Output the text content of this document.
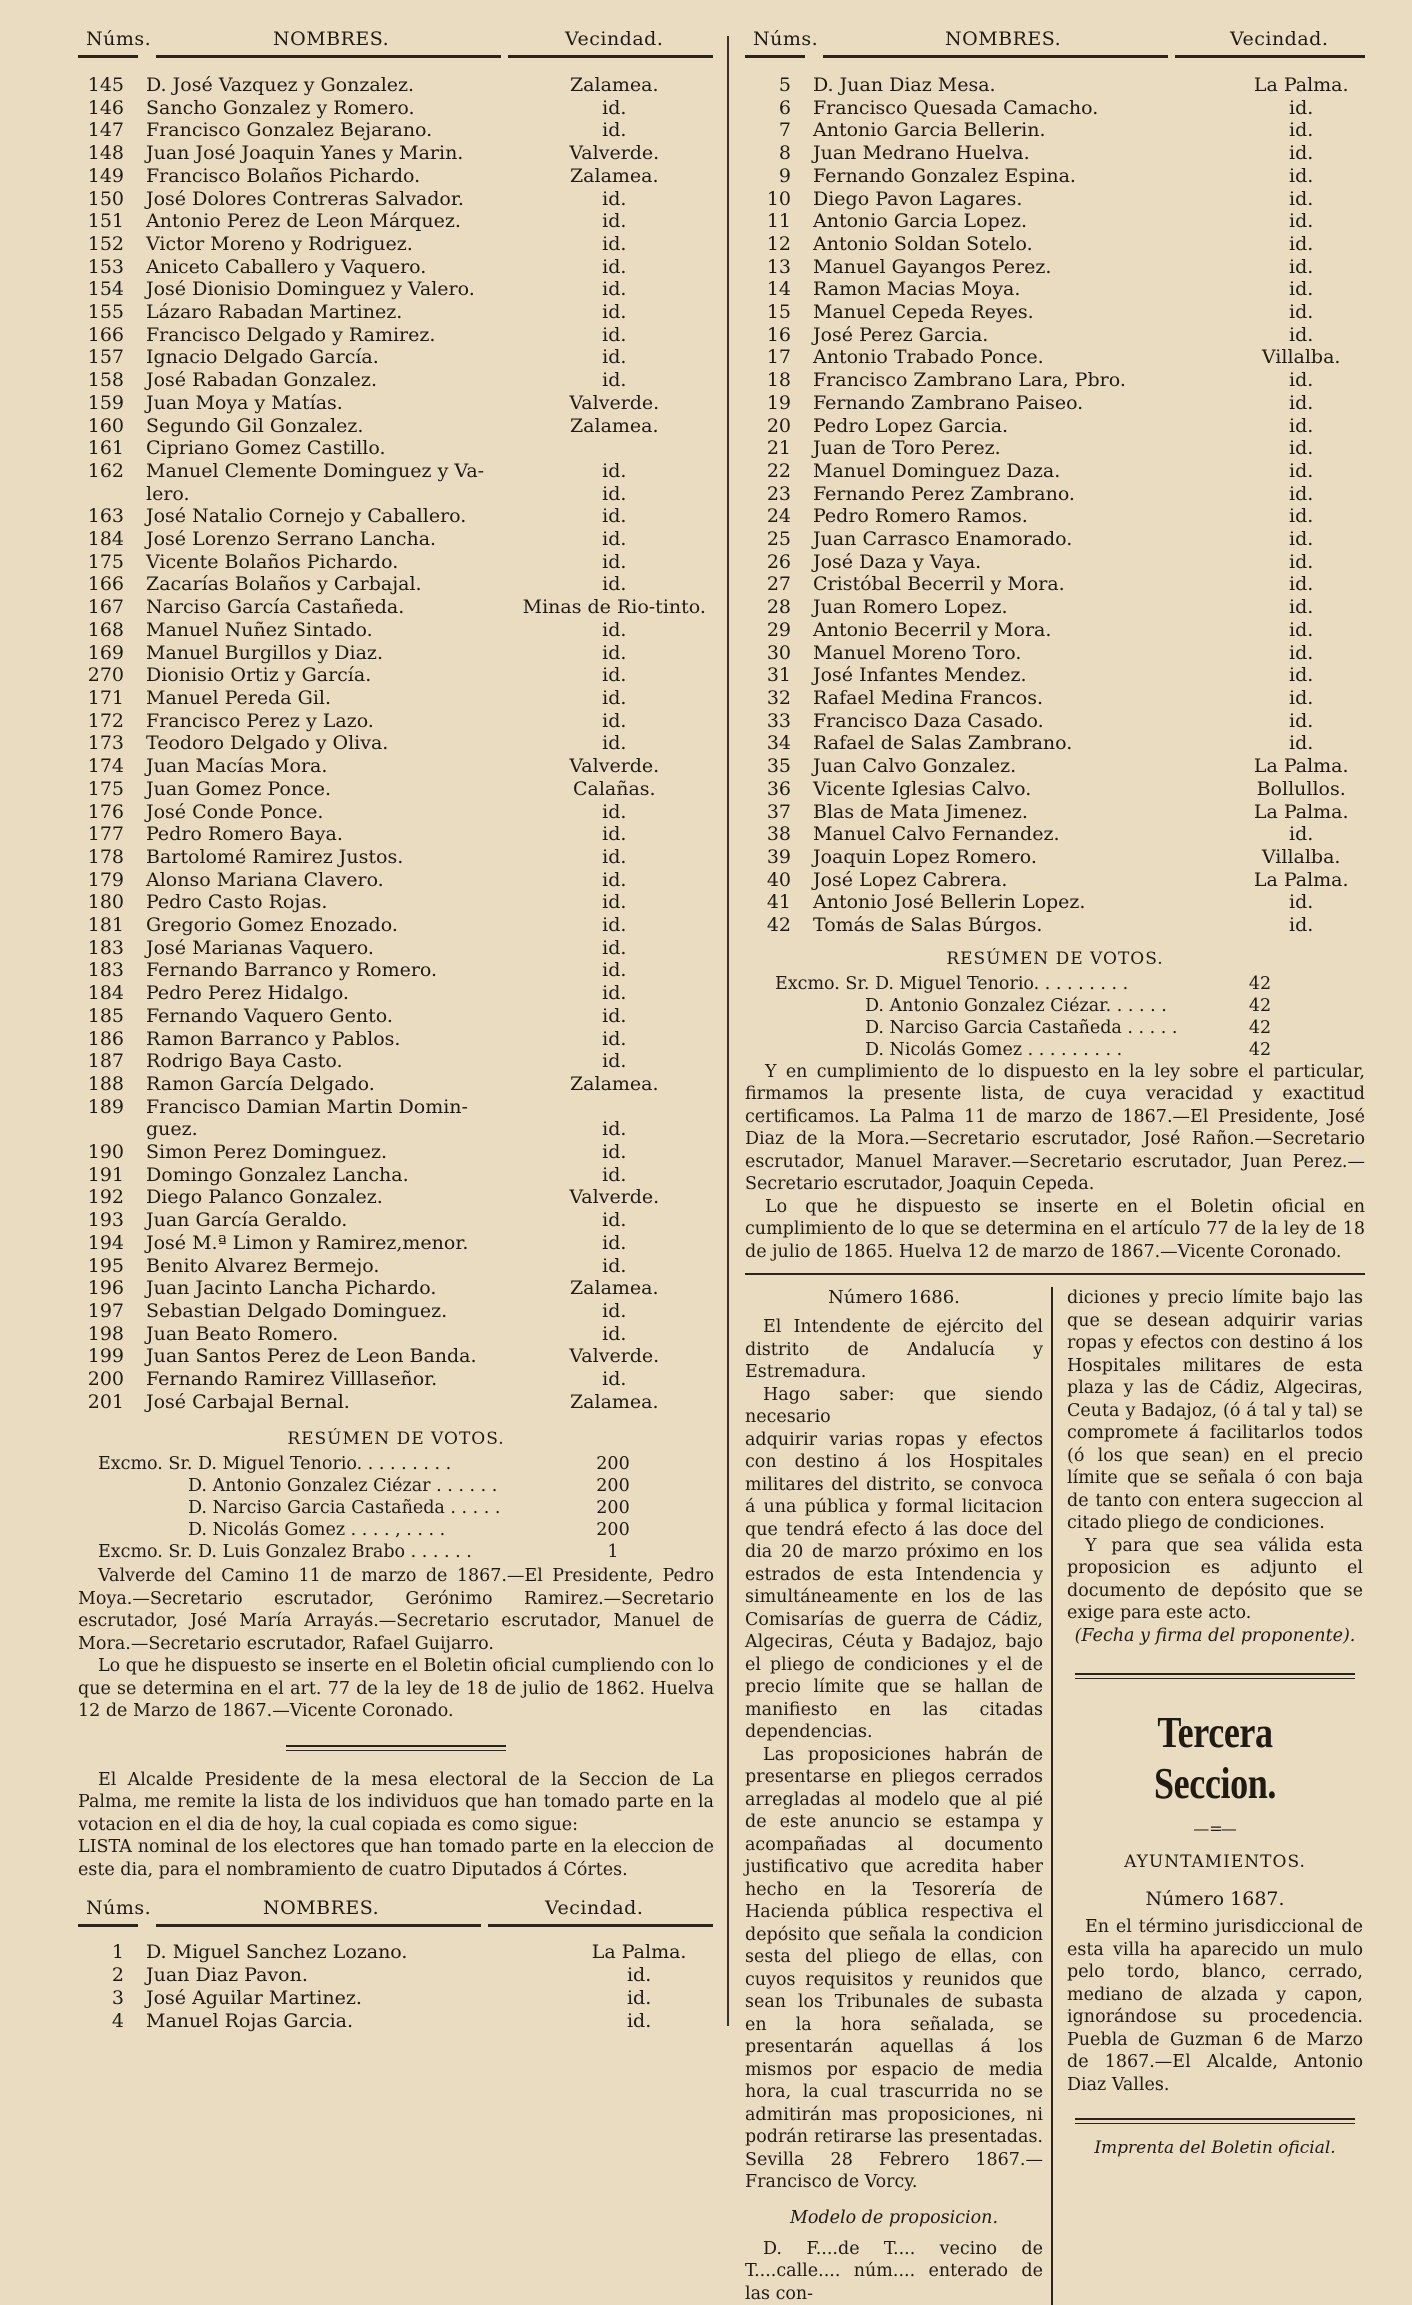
Núms.	NOMBRES.	Vecindad.
145	D. José Vazquez y Gonzalez.	Zalamea.
146	Sancho Gonzalez y Romero.	id.
147	Francisco Gonzalez Bejarano.	id.
148	Juan José Joaquin Yanes y Marin.	Valverde.
149	Francisco Bolaños Pichardo.	Zalamea.
150	José Dolores Contreras Salvador.	id.
151	Antonio Perez de Leon Márquez.	id.
152	Victor Moreno y Rodriguez.	id.
153	Aniceto Caballero y Vaquero.	id.
154	José Dionisio Dominguez y Valero.	id.
155	Lázaro Rabadan Martinez.	id.
166	Francisco Delgado y Ramirez.	id.
157	Ignacio Delgado García.	id.
158	José Rabadan Gonzalez.	id.
159	Juan Moya y Matías.	Valverde.
160	Segundo Gil Gonzalez.	Zalamea.
161	Cipriano Gomez Castillo.	
162	Manuel Clemente Dominguez y Va-	id.
	lero.	id.
163	José Natalio Cornejo y Caballero.	id.
184	José Lorenzo Serrano Lancha.	id.
175	Vicente Bolaños Pichardo.	id.
166	Zacarías Bolaños y Carbajal.	id.
167	Narciso García Castañeda.	Minas de Rio-tinto.
168	Manuel Nuñez Sintado.	id.
169	Manuel Burgillos y Diaz.	id.
270	Dionisio Ortiz y García.	id.
171	Manuel Pereda Gil.	id.
172	Francisco Perez y Lazo.	id.
173	Teodoro Delgado y Oliva.	id.
174	Juan Macías Mora.	Valverde.
175	Juan Gomez Ponce.	Calañas.
176	José Conde Ponce.	id.
177	Pedro Romero Baya.	id.
178	Bartolomé Ramirez Justos.	id.
179	Alonso Mariana Clavero.	id.
180	Pedro Casto Rojas.	id.
181	Gregorio Gomez Enozado.	id.
183	José Marianas Vaquero.	id.
183	Fernando Barranco y Romero.	id.
184	Pedro Perez Hidalgo.	id.
185	Fernando Vaquero Gento.	id.
186	Ramon Barranco y Pablos.	id.
187	Rodrigo Baya Casto.	id.
188	Ramon García Delgado.	Zalamea.
189	Francisco Damian Martin Domin-	
	guez.	id.
190	Simon Perez Dominguez.	id.
191	Domingo Gonzalez Lancha.	id.
192	Diego Palanco Gonzalez.	Valverde.
193	Juan García Geraldo.	id.
194	José M.ª Limon y Ramirez,menor.	id.
195	Benito Alvarez Bermejo.	id.
196	Juan Jacinto Lancha Pichardo.	Zalamea.
197	Sebastian Delgado Dominguez.	id.
198	Juan Beato Romero.	id.
199	Juan Santos Perez de Leon Banda.	Valverde.
200	Fernando Ramirez Villlaseñor.	id.
201	José Carbajal Bernal.	Zalamea.
RESÚMEN DE VOTOS.
Excmo. Sr. D. Miguel Tenorio. . . . . . . . .	200
D. Antonio Gonzalez Ciézar . . . . . .	200
D. Narciso Garcia Castañeda . . . . .	200
D. Nicolás Gomez . . . . , . . . .	200
Excmo. Sr. D. Luis Gonzalez Brabo . . . . . .	1
Valverde del Camino 11 de marzo de 1867.—El Presidente, Pedro Moya.—Secretario escrutador, Gerónimo Ramirez.—Secretario escrutador, José María Arrayás.—Secretario escrutador, Manuel de Mora.—Secretario escrutador, Rafael Guijarro.
Lo que he dispuesto se inserte en el Boletin oficial cumpliendo con lo que se determina en el art. 77 de la ley de 18 de julio de 1862. Huelva 12 de Marzo de 1867.—Vicente Coronado.
El Alcalde Presidente de la mesa electoral de la Seccion de La Palma, me remite la lista de los individuos que han tomado parte en la votacion en el dia de hoy, la cual copiada es como sigue:
LISTA nominal de los electores que han tomado parte en la eleccion de este dia, para el nombramiento de cuatro Diputados á Córtes.
Núms.	NOMBRES.	Vecindad.
1	D. Miguel Sanchez Lozano.	La Palma.
2	Juan Diaz Pavon.	id.
3	José Aguilar Martinez.	id.
4	Manuel Rojas Garcia.	id.
Núms.	NOMBRES.	Vecindad.
5	D. Juan Diaz Mesa.	La Palma.
6	Francisco Quesada Camacho.	id.
7	Antonio Garcia Bellerin.	id.
8	Juan Medrano Huelva.	id.
9	Fernando Gonzalez Espina.	id.
10	Diego Pavon Lagares.	id.
11	Antonio Garcia Lopez.	id.
12	Antonio Soldan Sotelo.	id.
13	Manuel Gayangos Perez.	id.
14	Ramon Macias Moya.	id.
15	Manuel Cepeda Reyes.	id.
16	José Perez Garcia.	id.
17	Antonio Trabado Ponce.	Villalba.
18	Francisco Zambrano Lara, Pbro.	id.
19	Fernando Zambrano Paiseo.	id.
20	Pedro Lopez Garcia.	id.
21	Juan de Toro Perez.	id.
22	Manuel Dominguez Daza.	id.
23	Fernando Perez Zambrano.	id.
24	Pedro Romero Ramos.	id.
25	Juan Carrasco Enamorado.	id.
26	José Daza y Vaya.	id.
27	Cristóbal Becerril y Mora.	id.
28	Juan Romero Lopez.	id.
29	Antonio Becerril y Mora.	id.
30	Manuel Moreno Toro.	id.
31	José Infantes Mendez.	id.
32	Rafael Medina Francos.	id.
33	Francisco Daza Casado.	id.
34	Rafael de Salas Zambrano.	id.
35	Juan Calvo Gonzalez.	La Palma.
36	Vicente Iglesias Calvo.	Bollullos.
37	Blas de Mata Jimenez.	La Palma.
38	Manuel Calvo Fernandez.	id.
39	Joaquin Lopez Romero.	Villalba.
40	José Lopez Cabrera.	La Palma.
41	Antonio José Bellerin Lopez.	id.
42	Tomás de Salas Búrgos.	id.
RESÚMEN DE VOTOS.
Excmo. Sr. D. Miguel Tenorio. . . . . . . . .	42
D. Antonio Gonzalez Ciézar. . . . . .	42
D. Narciso Garcia Castañeda . . . . .	42
D. Nicolás Gomez . . . . . . . . .	42
Y en cumplimiento de lo dispuesto en la ley sobre el particular, firmamos la presente lista, de cuya veracidad y exactitud certificamos. La Palma 11 de marzo de 1867.—El Presidente, José Diaz de la Mora.—Secretario escrutador, José Rañon.—Secretario escrutador, Manuel Maraver.—Secretario escrutador, Juan Perez.—Secretario escrutador, Joaquin Cepeda.
Lo que he dispuesto se inserte en el Boletin oficial en cumplimiento de lo que se determina en el artículo 77 de la ley de 18 de julio de 1865. Huelva 12 de marzo de 1867.—Vicente Coronado.
Número 1686.
El Intendente de ejército del distrito de Andalucía y Estremadura.
Hago saber: que siendo necesario
adquirir varias ropas y efectos con destino á los Hospitales militares del distrito, se convoca á una pública y formal licitacion que tendrá efecto á las doce del dia 20 de marzo próximo en los estrados de esta Intendencia y simultáneamente en los de las Comisarías de guerra de Cádiz, Algeciras, Céuta y Badajoz, bajo el pliego de condiciones y el de precio límite que se hallan de manifiesto en las citadas dependencias.
Las proposiciones habrán de presentarse en pliegos cerrados arregladas al modelo que al pié de este anuncio se estampa y acompañadas al documento justificativo que acredita haber hecho en la Tesorería de Hacienda pública respectiva el depósito que señala la condicion sesta del pliego de ellas, con cuyos requisitos y reunidos que sean los Tribunales de subasta en la hora señalada, se presentarán aquellas á los mismos por espacio de media hora, la cual trascurrida no se admitirán mas proposiciones, ni podrán retirarse las presentadas. Sevilla 28 Febrero 1867.—Francisco de Vorcy.
Modelo de proposicion.
D. F....de T.... vecino de T....calle.... núm.... enterado de las con-
diciones y precio límite bajo las que se desean adquirir varias ropas y efectos con destino á los Hospitales militares de esta plaza y las de Cádiz, Algeciras, Ceuta y Badajoz, (ó á tal y tal) se compromete á facilitarlos todos (ó los que sean) en el precio límite que se señala ó con baja de tanto con entera sugeccion al citado pliego de condiciones.
Y para que sea válida esta proposicion es adjunto el documento de depósito que se exige para este acto.
(Fecha y firma del proponente).
Tercera Seccion.
—=—
AYUNTAMIENTOS.
Número 1687.
En el término jurisdiccional de esta villa ha aparecido un mulo pelo tordo, blanco, cerrado, mediano de alzada y capon, ignorándose su procedencia. Puebla de Guzman 6 de Marzo de 1867.—El Alcalde, Antonio Diaz Valles.
Imprenta del Boletin oficial.
